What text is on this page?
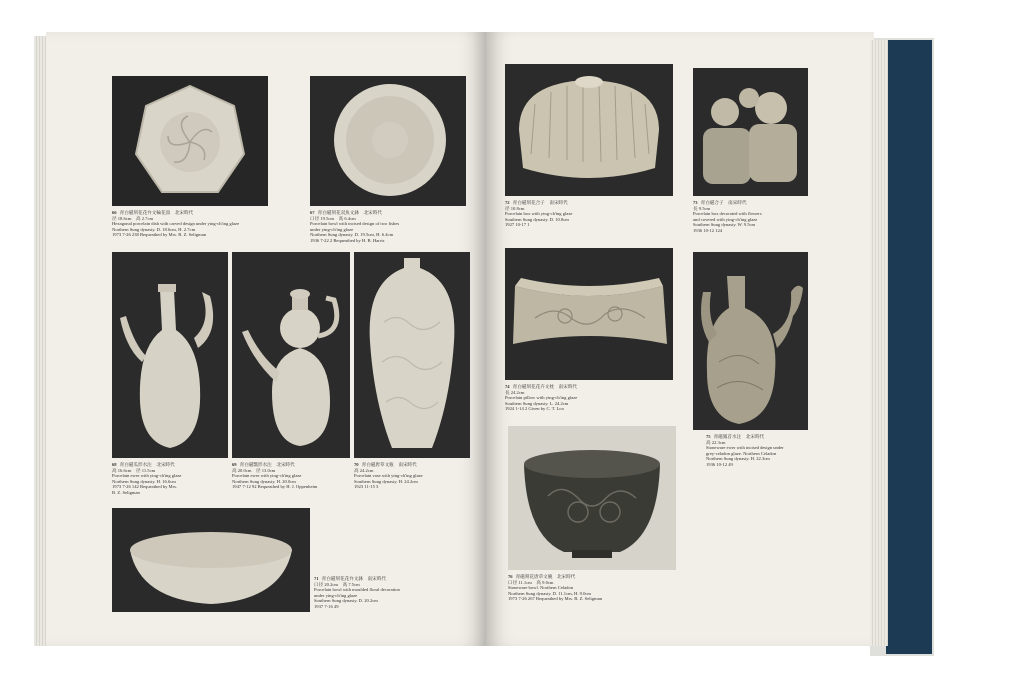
66 青白磁刻花花弁文輪花皿　北宋時代
径 18.6cm　高 2.7cm
Hexagonal porcelain dish with carved design under ying-ch'ing glaze
Northern Sung dynasty. D. 18.6cm, H. 2.7cm
1973 7-26 238 Bequeathed by Mrs. B. Z. Seligman
67 青白磁刻花双魚文鉢　北宋時代
口径 19.5cm　高 6.4cm
Porcelain bowl with incised design of two fishes
under ying-ch'ing glaze
Northern Sung dynasty. D. 19.5cm, H. 6.4cm
1936 7-22 2 Bequeathed by H. B. Harris
68 青白磁瓜形水注　北宋時代
高 16.6cm　径 11.5cm
Porcelain ewer with ying-ch'ing glaze
Northern Sung dynasty. H. 16.6cm
1973 7-26 142 Bequeathed by Mrs.
B. Z. Seligman
69 青白磁瓢形水注　北宋時代
高 20.0cm　径 13.0cm
Porcelain ewer with ying-ch'ing glaze
Northern Sung dynasty. H. 20.0cm
1947 7-12 92 Bequeathed by H. J. Oppenheim
70 青白磁唐草文瓶　南宋時代
高 24.2cm
Porcelain vase with ying-ch'ing glaze
Southern Sung dynasty. H. 24.2cm
1923 11-15 3
71 青白磁刻花花弁文鉢　南宋時代
口径 20.2cm　高 7.5cm
Porcelain bowl with moulded floral decoration
under ying-ch'ing glaze
Southern Sung dynasty. D. 20.2cm
1937 7-16 49
72 青白磁刻花合子　南宋時代
径 10.8cm
Porcelain box with ying-ch'ing glaze
Southern Sung dynasty. D. 10.8cm
1927 10-17 1
73 青白磁合子　南宋時代
長 9.5cm
Porcelain box decorated with flowers
and covered with ying-ch'ing glaze
Southern Sung dynasty. W. 9.5cm
1936 10-12 124
74 青白磁刻花花卉文枕　南宋時代
長 24.2cm
Porcelain pillow with ying-ch'ing glaze
Southern Sung dynasty. L. 24.2cm
1924 1-14 2 Given by C. T. Loo
75 青磁鳳首水注　北宋時代
高 22.3cm
Stoneware ewer with incised design under
grey-celadon glaze. Northern Celadon
Northern Sung dynasty. H. 22.3cm
1936 10-12 49
76 青磁刻花唐草文碗　北宋時代
口径 11.1cm　高 9.0cm
Stoneware bowl. Northern Celadon
Northern Sung dynasty. D. 11.1cm, H. 9.0cm
1973 7-26 267 Bequeathed by Mrs. B. Z. Seligman
